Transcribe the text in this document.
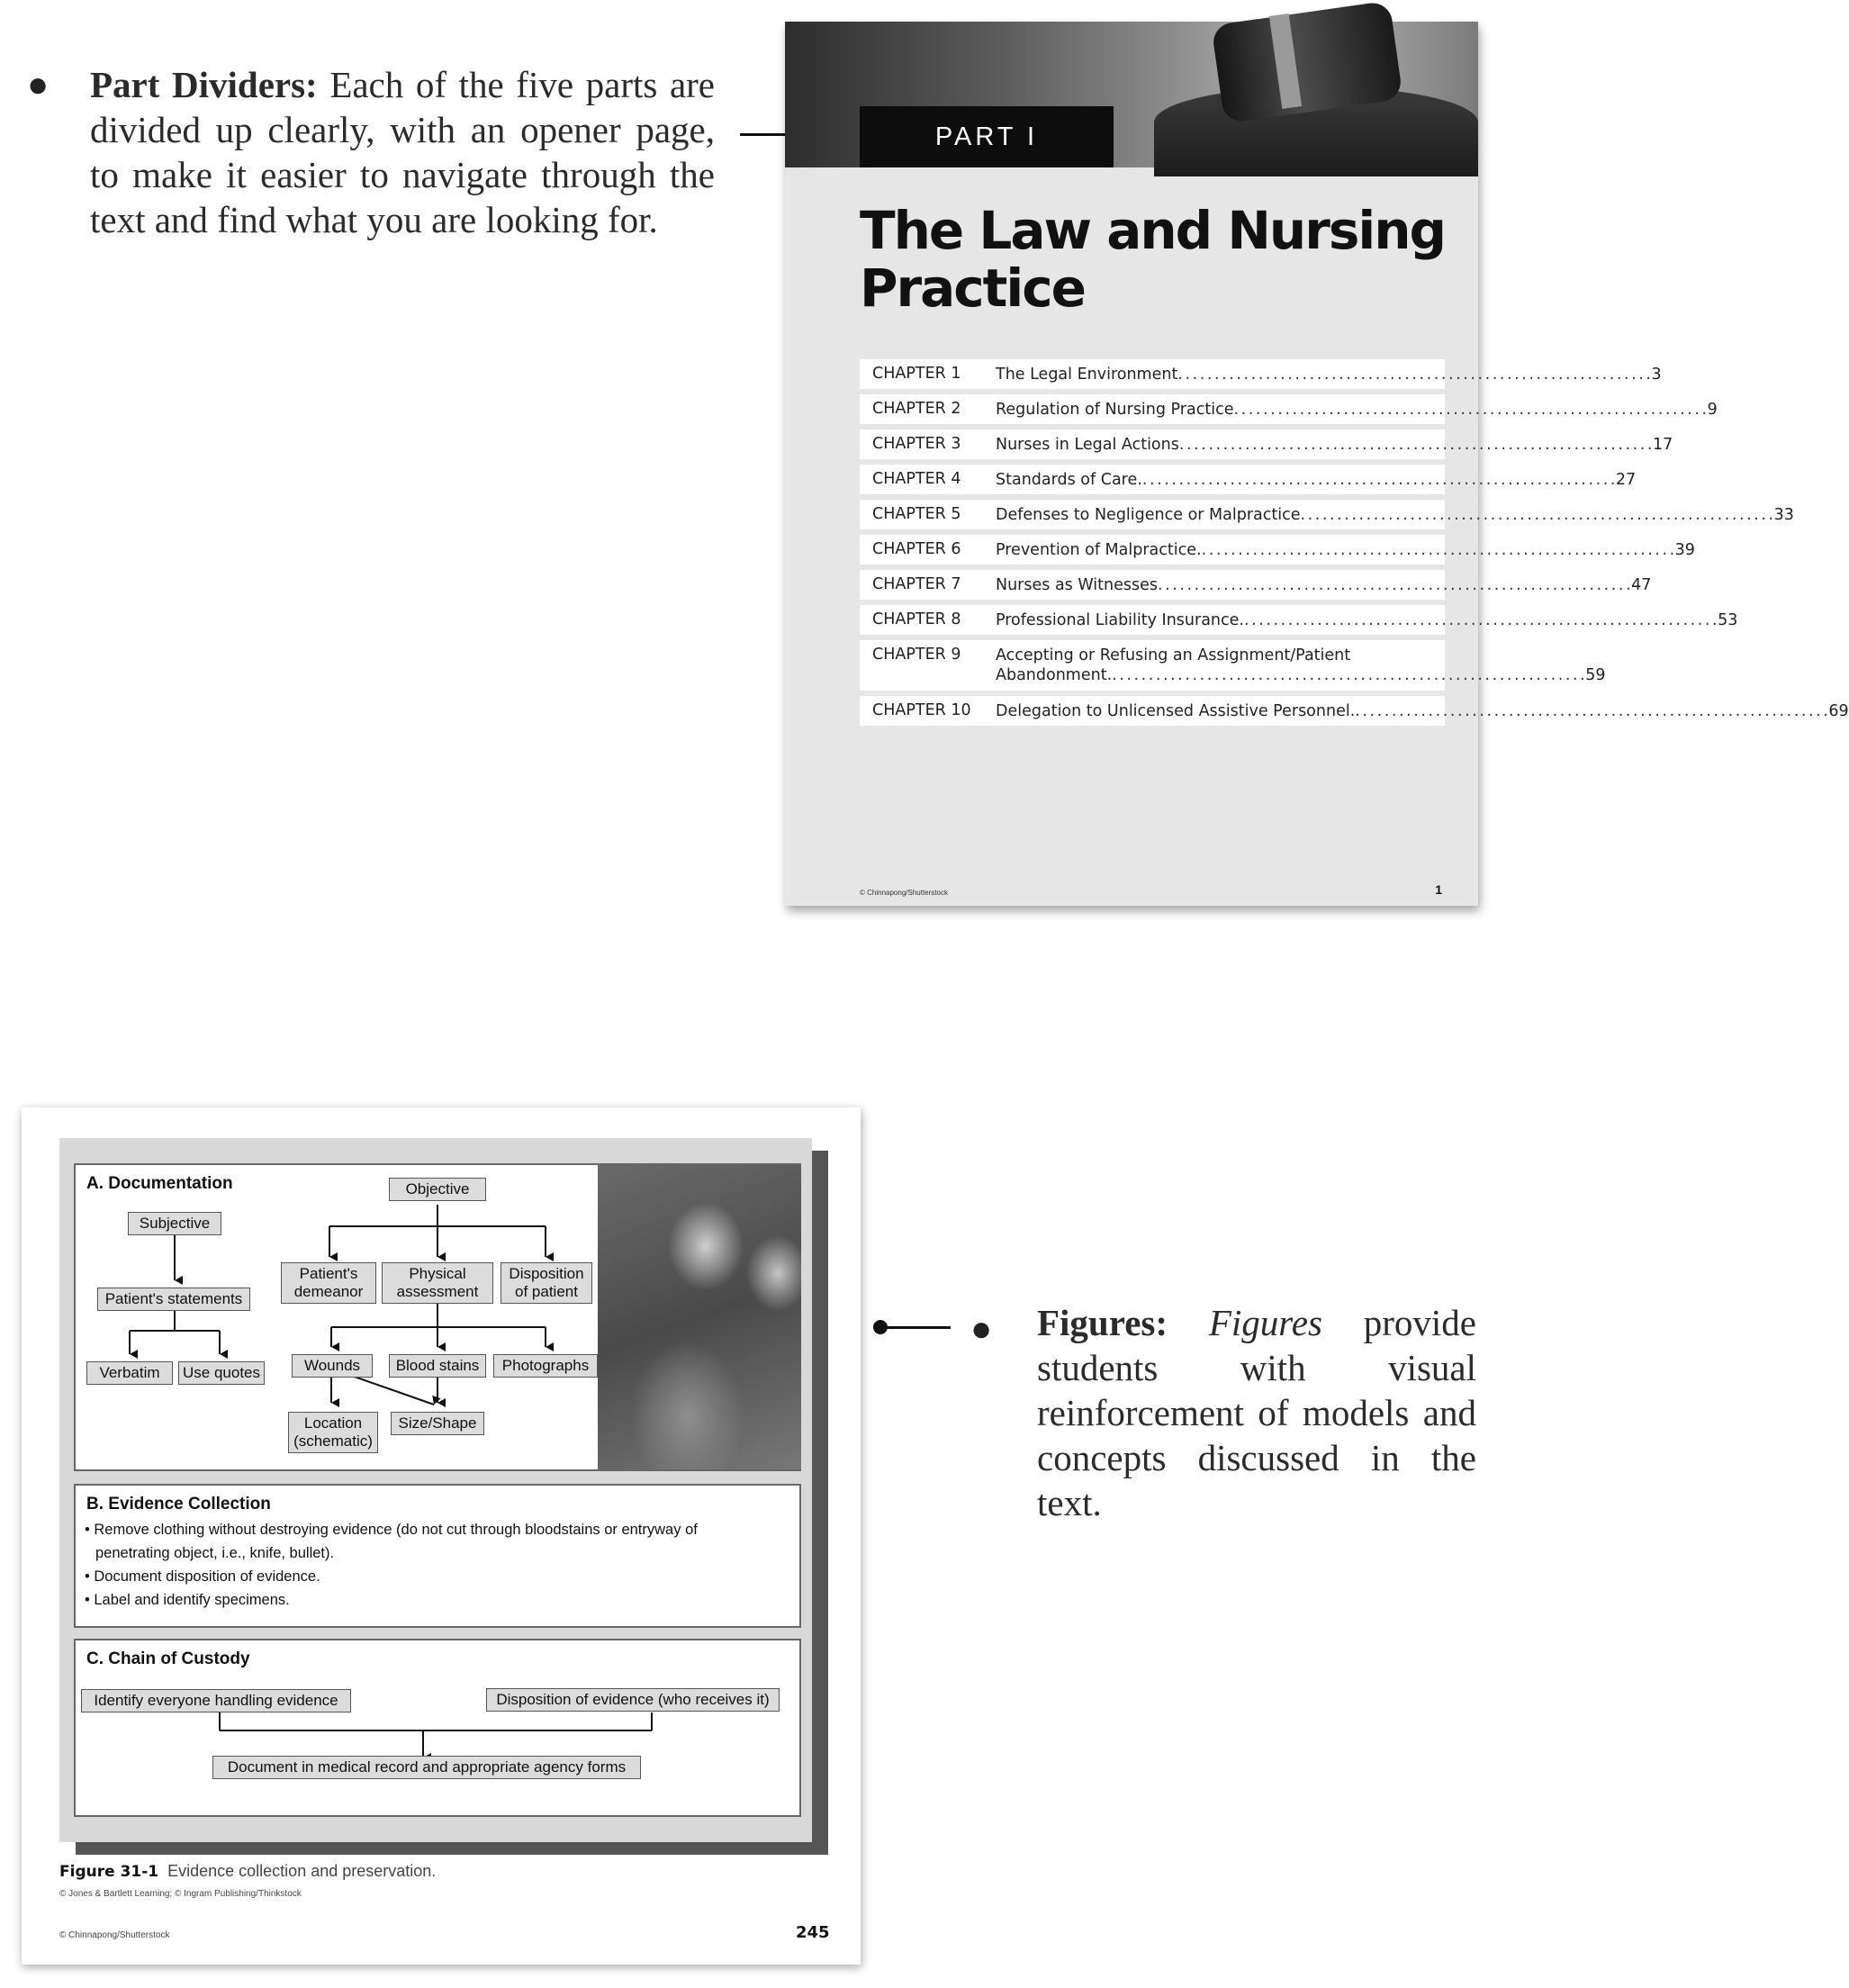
● Part Dividers: Each of the five parts are divided up clearly, with an opener page, to make it easier to navigate through the text and find what you are looking for.
PART I
The Law and Nursing
Practice
CHAPTER 1	The Legal Environment . . .	3
CHAPTER 2	Regulation of Nursing Practice . . .	9
CHAPTER 3	Nurses in Legal Actions . . .	17
CHAPTER 4	Standards of Care. . . .	27
CHAPTER 5	Defenses to Negligence or Malpractice . . .	33
CHAPTER 6	Prevention of Malpractice. . . .	39
CHAPTER 7	Nurses as Witnesses . . .	47
CHAPTER 8	Professional Liability Insurance. . . .	53
CHAPTER 9	Accepting or Refusing an Assignment/Patient
Abandonment. . . .	59
CHAPTER 10	Delegation to Unlicensed Assistive Personnel. . . .	69
© Chinnapong/Shutterstock	1
A. Documentation
Subjective
Patient's statements
Verbatim	Use quotes
Objective
Patient's
demeanor
Physical
assessment
Disposition
of patient
Wounds	Blood stains	Photographs
Location
(schematic)
Size/Shape
B. Evidence Collection
• Remove clothing without destroying evidence (do not cut through bloodstains or entryway of
penetrating object, i.e., knife, bullet).
• Document disposition of evidence.
• Label and identify specimens.
C. Chain of Custody
Identify everyone handling evidence	Disposition of evidence (who receives it)
Document in medical record and appropriate agency forms
Figure 31-1 Evidence collection and preservation.
© Jones & Bartlett Learning; © Ingram Publishing/Thinkstock
© Chinnapong/Shutterstock	245
● Figures: Figures provide students with visual reinforcement of models and concepts discussed in the text.
